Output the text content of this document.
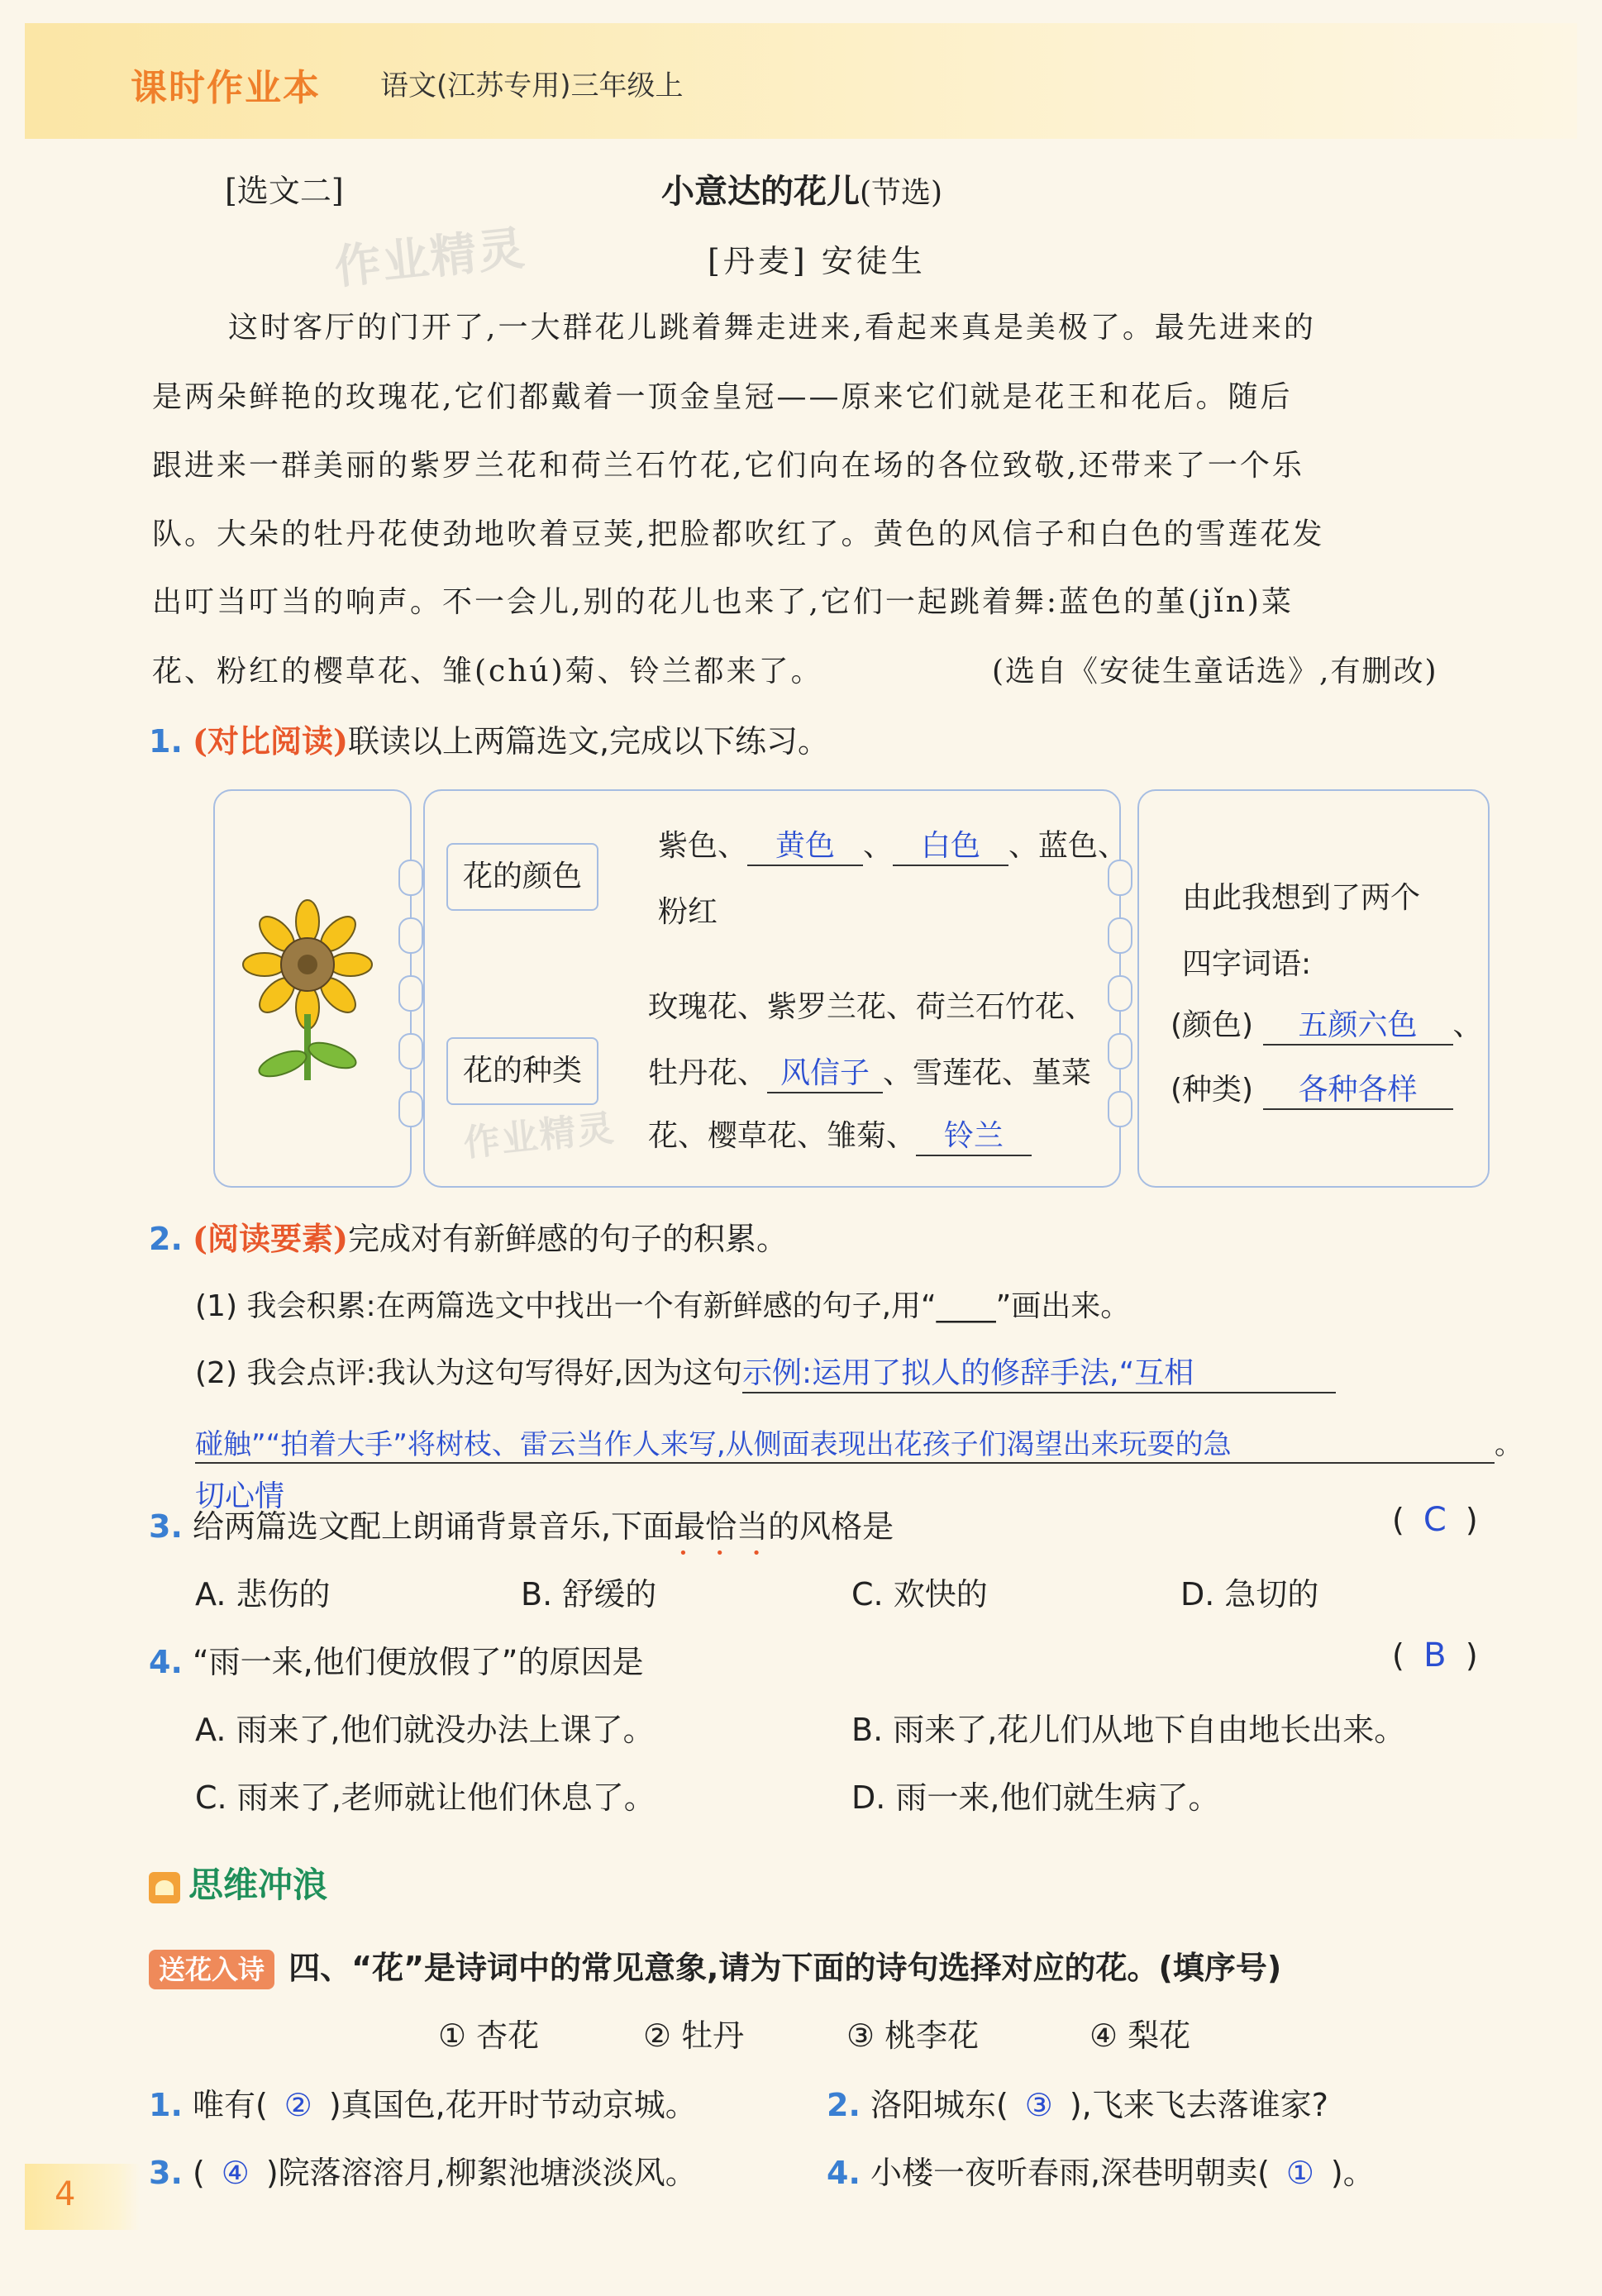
课时作业本 语文(江苏专用)三年级上
[选文二]	小意达的花儿(节选)
[丹麦] 安徒生
作业精灵
这时客厅的门开了,一大群花儿跳着舞走进来,看起来真是美极了。最先进来的
是两朵鲜艳的玫瑰花,它们都戴着一顶金皇冠——原来它们就是花王和花后。随后
跟进来一群美丽的紫罗兰花和荷兰石竹花,它们向在场的各位致敬,还带来了一个乐
队。大朵的牡丹花使劲地吹着豆荚,把脸都吹红了。黄色的风信子和白色的雪莲花发
出叮当叮当的响声。不一会儿,别的花儿也来了,它们一起跳着舞:蓝色的堇(jǐn)菜
花、粉红的樱草花、雏(chú)菊、铃兰都来了。	(选自《安徒生童话选》,有删改)
1. (对比阅读)联读以上两篇选文,完成以下练习。
花的颜色
花的种类
紫色、 黄色 、 白色 、蓝色、
粉红
玫瑰花、紫罗兰花、荷兰石竹花、
牡丹花、 风信子 、雪莲花、堇菜
花、樱草花、雏菊、 铃兰
作业精灵
由此我想到了两个
四字词语:
(颜色) 五颜六色 、
(种类) 各种各样
2. (阅读要素)完成对有新鲜感的句子的积累。
(1) 我会积累:在两篇选文中找出一个有新鲜感的句子,用“____”画出来。
(2) 我会点评:我认为这句写得好,因为这句示例:运用了拟人的修辞手法,“互相
碰触”“拍着大手”将树枝、雷云当作人来写,从侧面表现出花孩子们渴望出来玩耍的急	。
切心情
3. 给两篇选文配上朗诵背景音乐,下面最恰当 • • •的风格是	( C )
A. 悲伤的	B. 舒缓的	C. 欢快的	D. 急切的
4. “雨一来,他们便放假了”的原因是	( B )
A. 雨来了,他们就没办法上课了。	B. 雨来了,花儿们从地下自由地长出来。
C. 雨来了,老师就让他们休息了。	D. 雨一来,他们就生病了。
思维冲浪
送花入诗 四、“花”是诗词中的常见意象,请为下面的诗句选择对应的花。(填序号)
① 杏花	② 牡丹	③ 桃李花	④ 梨花
1. 唯有( ② )真国色,花开时节动京城。	2. 洛阳城东( ③ ),飞来飞去落谁家?
3. ( ④ )院落溶溶月,柳絮池塘淡淡风。	4. 小楼一夜听春雨,深巷明朝卖( ① )。
4
